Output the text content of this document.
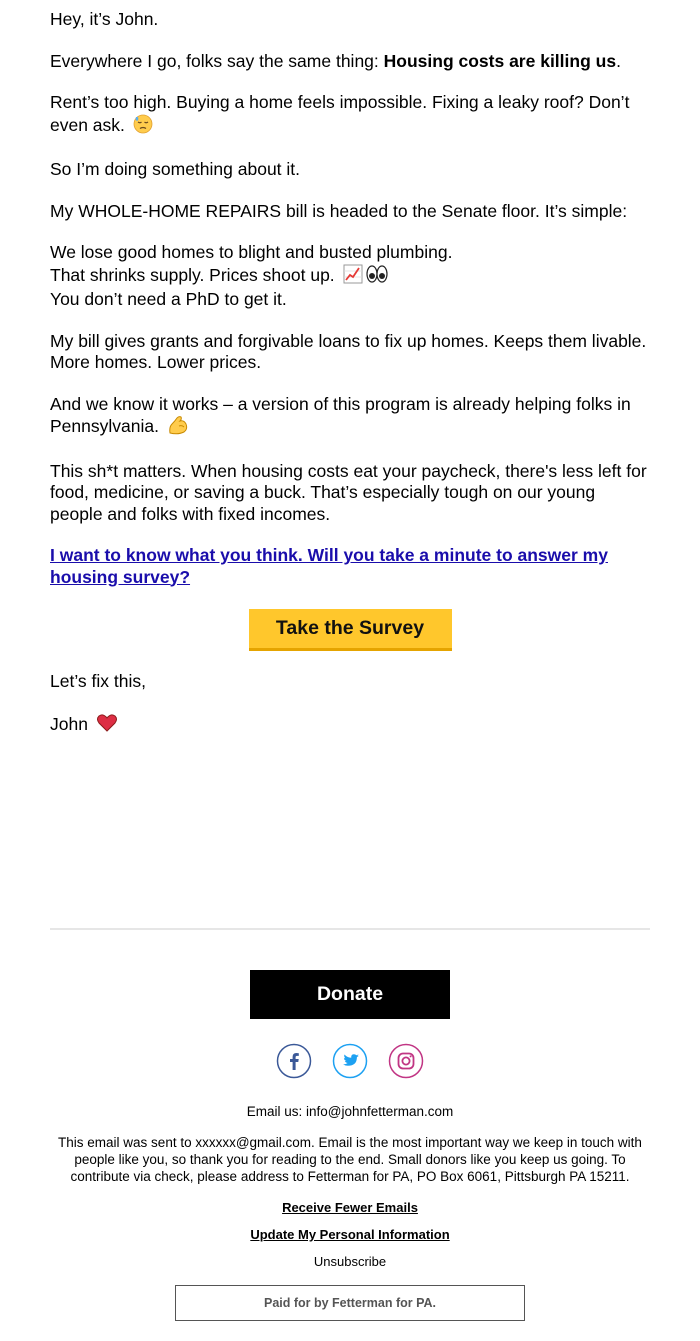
Hey, it’s John.

Everywhere I go, folks say the same thing: Housing costs are killing us.

Rent’s too high. Buying a home feels impossible. Fixing a leaky roof? Don’t even ask.

So I’m doing something about it.

My WHOLE-HOME REPAIRS bill is headed to the Senate floor. It’s simple:

We lose good homes to blight and busted plumbing.
That shrinks supply. Prices shoot up.
You don’t need a PhD to get it.

My bill gives grants and forgivable loans to fix up homes. Keeps them livable. More homes. Lower prices.

And we know it works – a version of this program is already helping folks in Pennsylvania.

This sh*t matters. When housing costs eat your paycheck, there's less left for food, medicine, or saving a buck. That’s especially tough on our young people and folks with fixed incomes.

I want to know what you think. Will you take a minute to answer my housing survey?

Take the Survey

Let’s fix this,

John

Donate
Email us: info@johnfetterman.com
This email was sent to xxxxxx@gmail.com. Email is the most important way we keep in touch with people like you, so thank you for reading to the end. Small donors like you keep us going. To contribute via check, please address to Fetterman for PA, PO Box 6061, Pittsburgh PA 15211.
Receive Fewer Emails
Update My Personal Information
Unsubscribe
Paid for by Fetterman for PA.
